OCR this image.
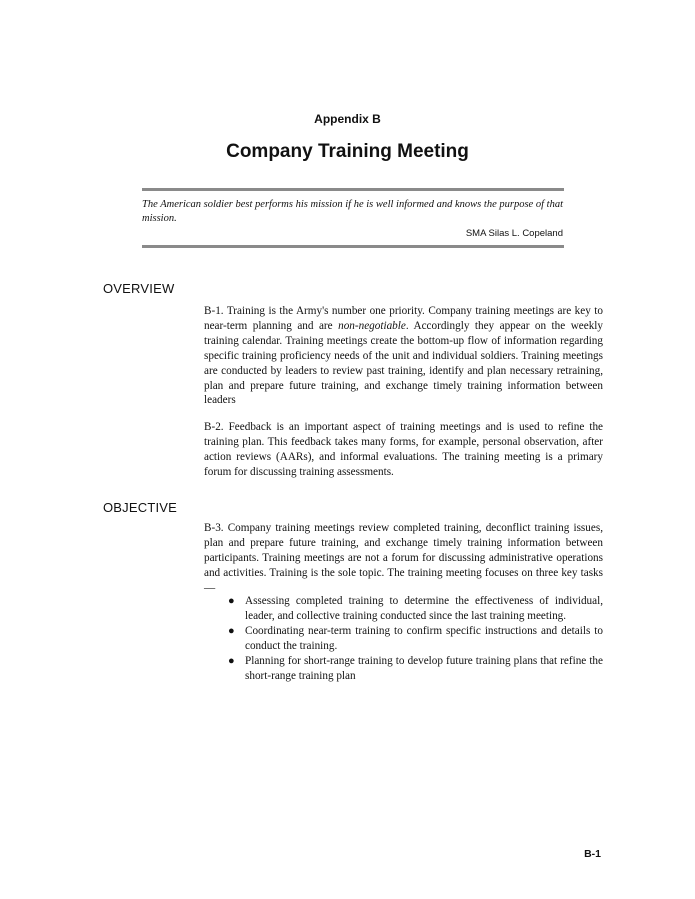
Appendix B
Company Training Meeting
The American soldier best performs his mission if he is well informed and knows the purpose of that mission.
SMA Silas L. Copeland
OVERVIEW

B-1. Training is the Army's number one priority. Company training meetings are key to near-term planning and are non-negotiable. Accordingly they appear on the weekly training calendar. Training meetings create the bottom-up flow of information regarding specific training proficiency needs of the unit and individual soldiers. Training meetings are conducted by leaders to review past training, identify and plan necessary retraining, plan and prepare future training, and exchange timely training information between leaders

B-2. Feedback is an important aspect of training meetings and is used to refine the training plan. This feedback takes many forms, for example, personal observation, after action reviews (AARs), and informal evaluations. The training meeting is a primary forum for discussing training assessments.

OBJECTIVE

B-3. Company training meetings review completed training, deconflict training issues, plan and prepare future training, and exchange timely training information between participants. Training meetings are not a forum for discussing administrative operations and activities. Training is the sole topic. The training meeting focuses on three key tasks—

● Assessing completed training to determine the effectiveness of individual, leader, and collective training conducted since the last training meeting.
● Coordinating near-term training to confirm specific instructions and details to conduct the training.
● Planning for short-range training to develop future training plans that refine the short-range training plan
B-1
